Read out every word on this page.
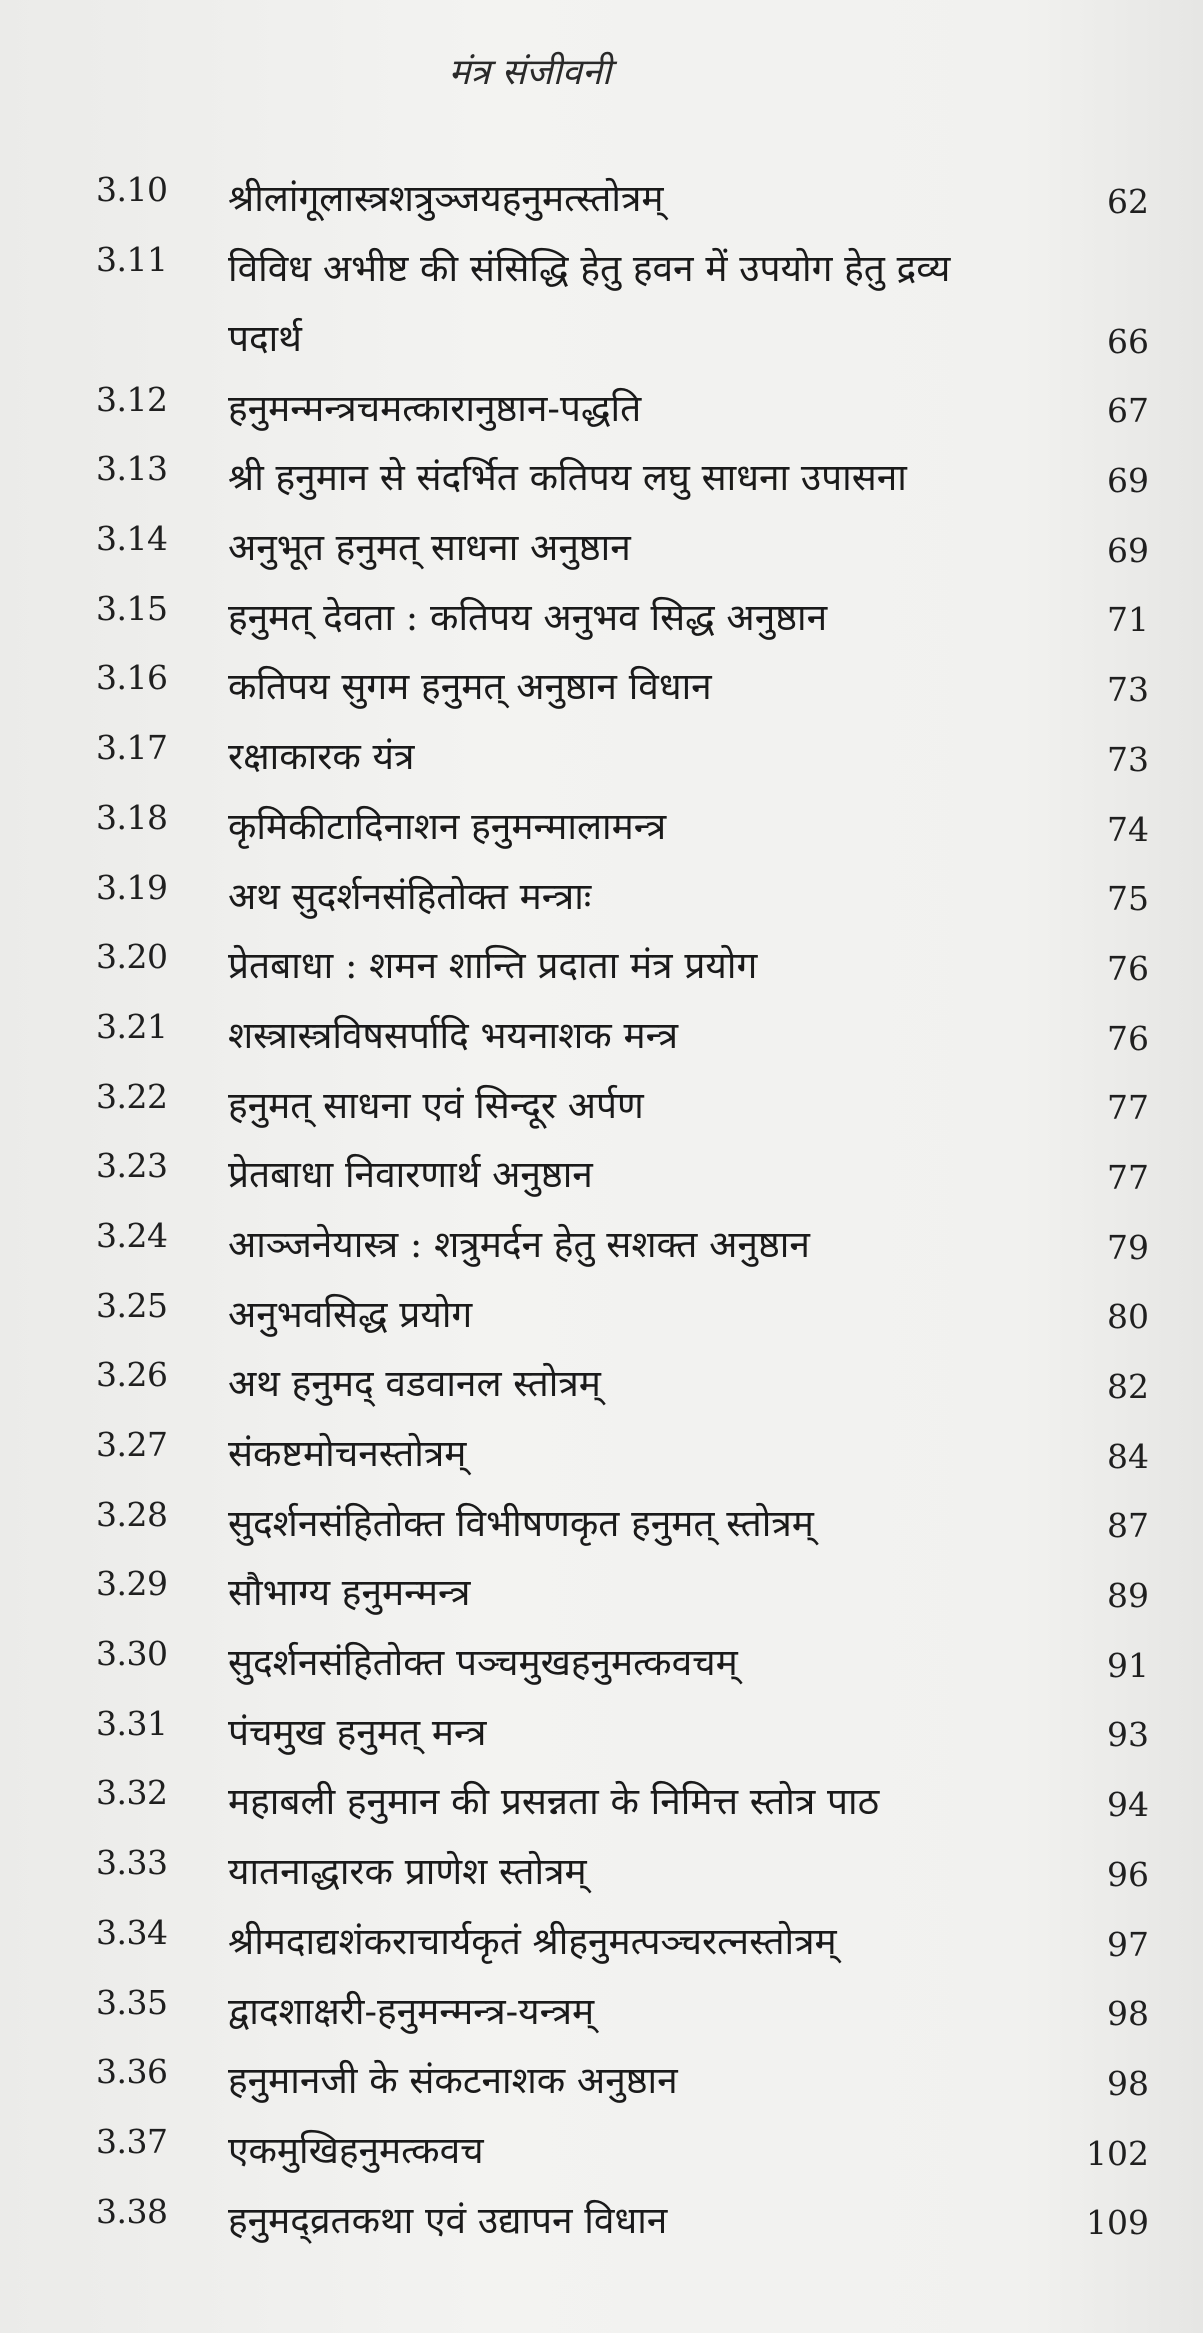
मंत्र संजीवनी
3.10 श्रीलांगूलास्त्रशत्रुञ्जयहनुमत्स्तोत्रम्	62
3.11 विविध अभीष्ट की संसिद्धि हेतु हवन में उपयोग हेतु द्रव्य पदार्थ	66
3.12 हनुमन्मन्त्रचमत्कारानुष्ठान-पद्धति	67
3.13 श्री हनुमान से संदर्भित कतिपय लघु साधना उपासना	69
3.14 अनुभूत हनुमत् साधना अनुष्ठान	69
3.15 हनुमत् देवता : कतिपय अनुभव सिद्ध अनुष्ठान	71
3.16 कतिपय सुगम हनुमत् अनुष्ठान विधान	73
3.17 रक्षाकारक यंत्र	73
3.18 कृमिकीटादिनाशन हनुमन्मालामन्त्र	74
3.19 अथ सुदर्शनसंहितोक्त मन्त्राः	75
3.20 प्रेतबाधा : शमन शान्ति प्रदाता मंत्र प्रयोग	76
3.21 शस्त्रास्त्रविषसर्पादि भयनाशक मन्त्र	76
3.22 हनुमत् साधना एवं सिन्दूर अर्पण	77
3.23 प्रेतबाधा निवारणार्थ अनुष्ठान	77
3.24 आञ्जनेयास्त्र : शत्रुमर्दन हेतु सशक्त अनुष्ठान	79
3.25 अनुभवसिद्ध प्रयोग	80
3.26 अथ हनुमद् वडवानल स्तोत्रम्	82
3.27 संकष्टमोचनस्तोत्रम्	84
3.28 सुदर्शनसंहितोक्त विभीषणकृत हनुमत् स्तोत्रम्	87
3.29 सौभाग्य हनुमन्मन्त्र	89
3.30 सुदर्शनसंहितोक्त पञ्चमुखहनुमत्कवचम्	91
3.31 पंचमुख हनुमत् मन्त्र	93
3.32 महाबली हनुमान की प्रसन्नता के निमित्त स्तोत्र पाठ	94
3.33 यातनाद्धारक प्राणेश स्तोत्रम्	96
3.34 श्रीमदाद्यशंकराचार्यकृतं श्रीहनुमत्पञ्चरत्नस्तोत्रम्	97
3.35 द्वादशाक्षरी-हनुमन्मन्त्र-यन्त्रम्	98
3.36 हनुमानजी के संकटनाशक अनुष्ठान	98
3.37 एकमुखिहनुमत्कवच	102
3.38 हनुमद्व्रतकथा एवं उद्यापन विधान	109
